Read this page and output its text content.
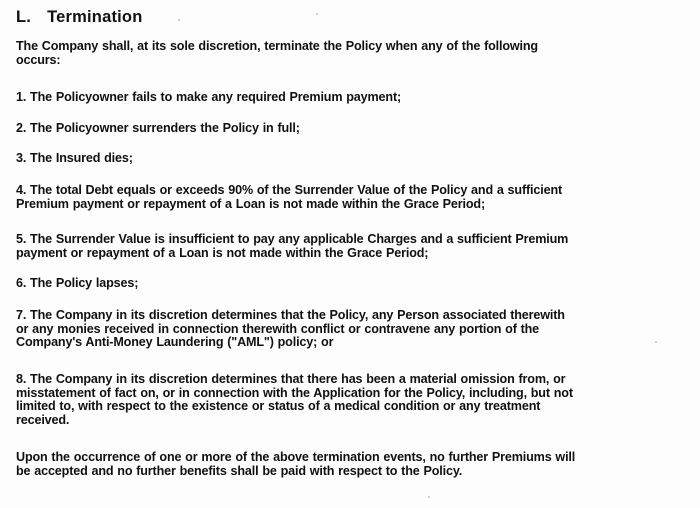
L. Termination
The Company shall, at its sole discretion, terminate the Policy when any of the following
occurs:
1. The Policyowner fails to make any required Premium payment;
2. The Policyowner surrenders the Policy in full;
3. The Insured dies;
4. The total Debt equals or exceeds 90% of the Surrender Value of the Policy and a sufficient
Premium payment or repayment of a Loan is not made within the Grace Period;
5. The Surrender Value is insufficient to pay any applicable Charges and a sufficient Premium
payment or repayment of a Loan is not made within the Grace Period;
6. The Policy lapses;
7. The Company in its discretion determines that the Policy, any Person associated therewith
or any monies received in connection therewith conflict or contravene any portion of the
Company's Anti-Money Laundering ("AML") policy; or
8. The Company in its discretion determines that there has been a material omission from, or
misstatement of fact on, or in connection with the Application for the Policy, including, but not
limited to, with respect to the existence or status of a medical condition or any treatment
received.
Upon the occurrence of one or more of the above termination events, no further Premiums will
be accepted and no further benefits shall be paid with respect to the Policy.
